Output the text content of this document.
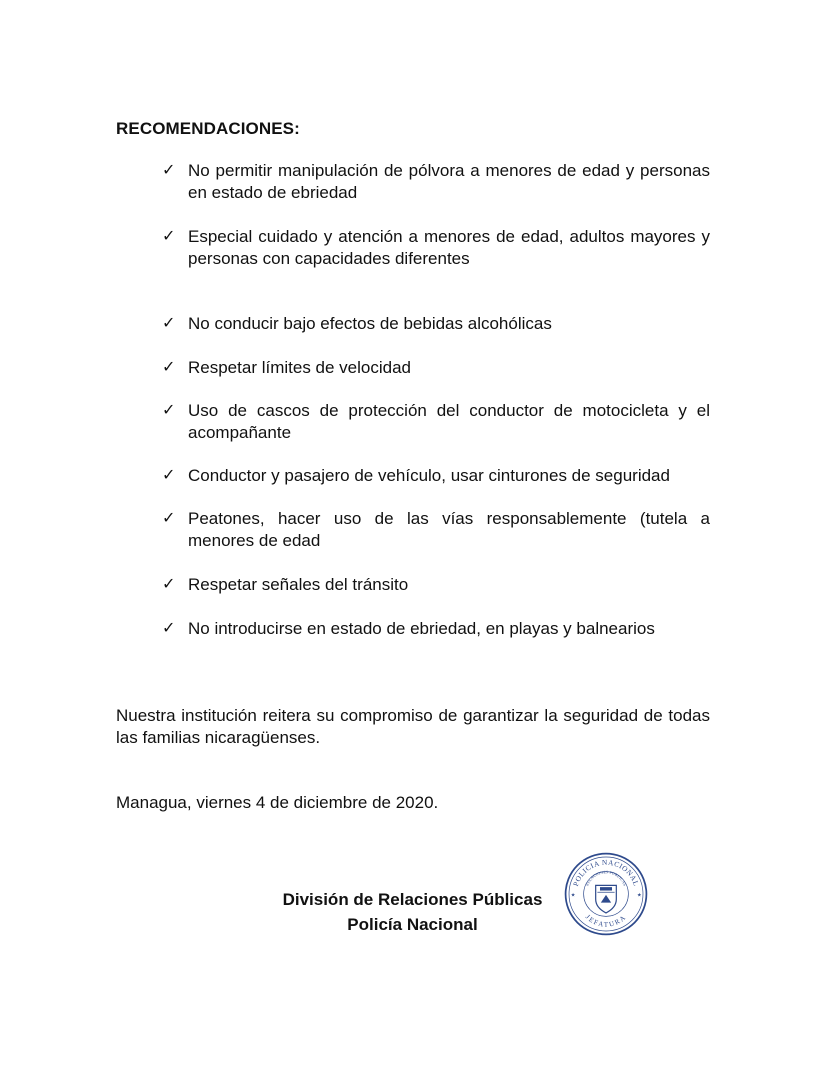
RECOMENDACIONES:
✓ No permitir manipulación de pólvora a menores de edad y personas en estado de ebriedad
✓ Especial cuidado y atención a menores de edad, adultos mayores y personas con capacidades diferentes
✓ No conducir bajo efectos de bebidas alcohólicas
✓ Respetar límites de velocidad
✓ Uso de cascos de protección del conductor de motocicleta y el acompañante
✓ Conductor y pasajero de vehículo, usar cinturones de seguridad
✓ Peatones, hacer uso de las vías responsablemente (tutela a menores de edad
✓ Respetar señales del tránsito
✓ No introducirse en estado de ebriedad, en playas y balnearios
Nuestra institución reitera su compromiso de garantizar la seguridad de todas las familias nicaragüenses.
Managua, viernes 4 de diciembre de 2020.
División de Relaciones Públicas
Policía Nacional
POLICIA NACIONAL
RELACIONES PUBLICAS
JEFATURA
★	★
